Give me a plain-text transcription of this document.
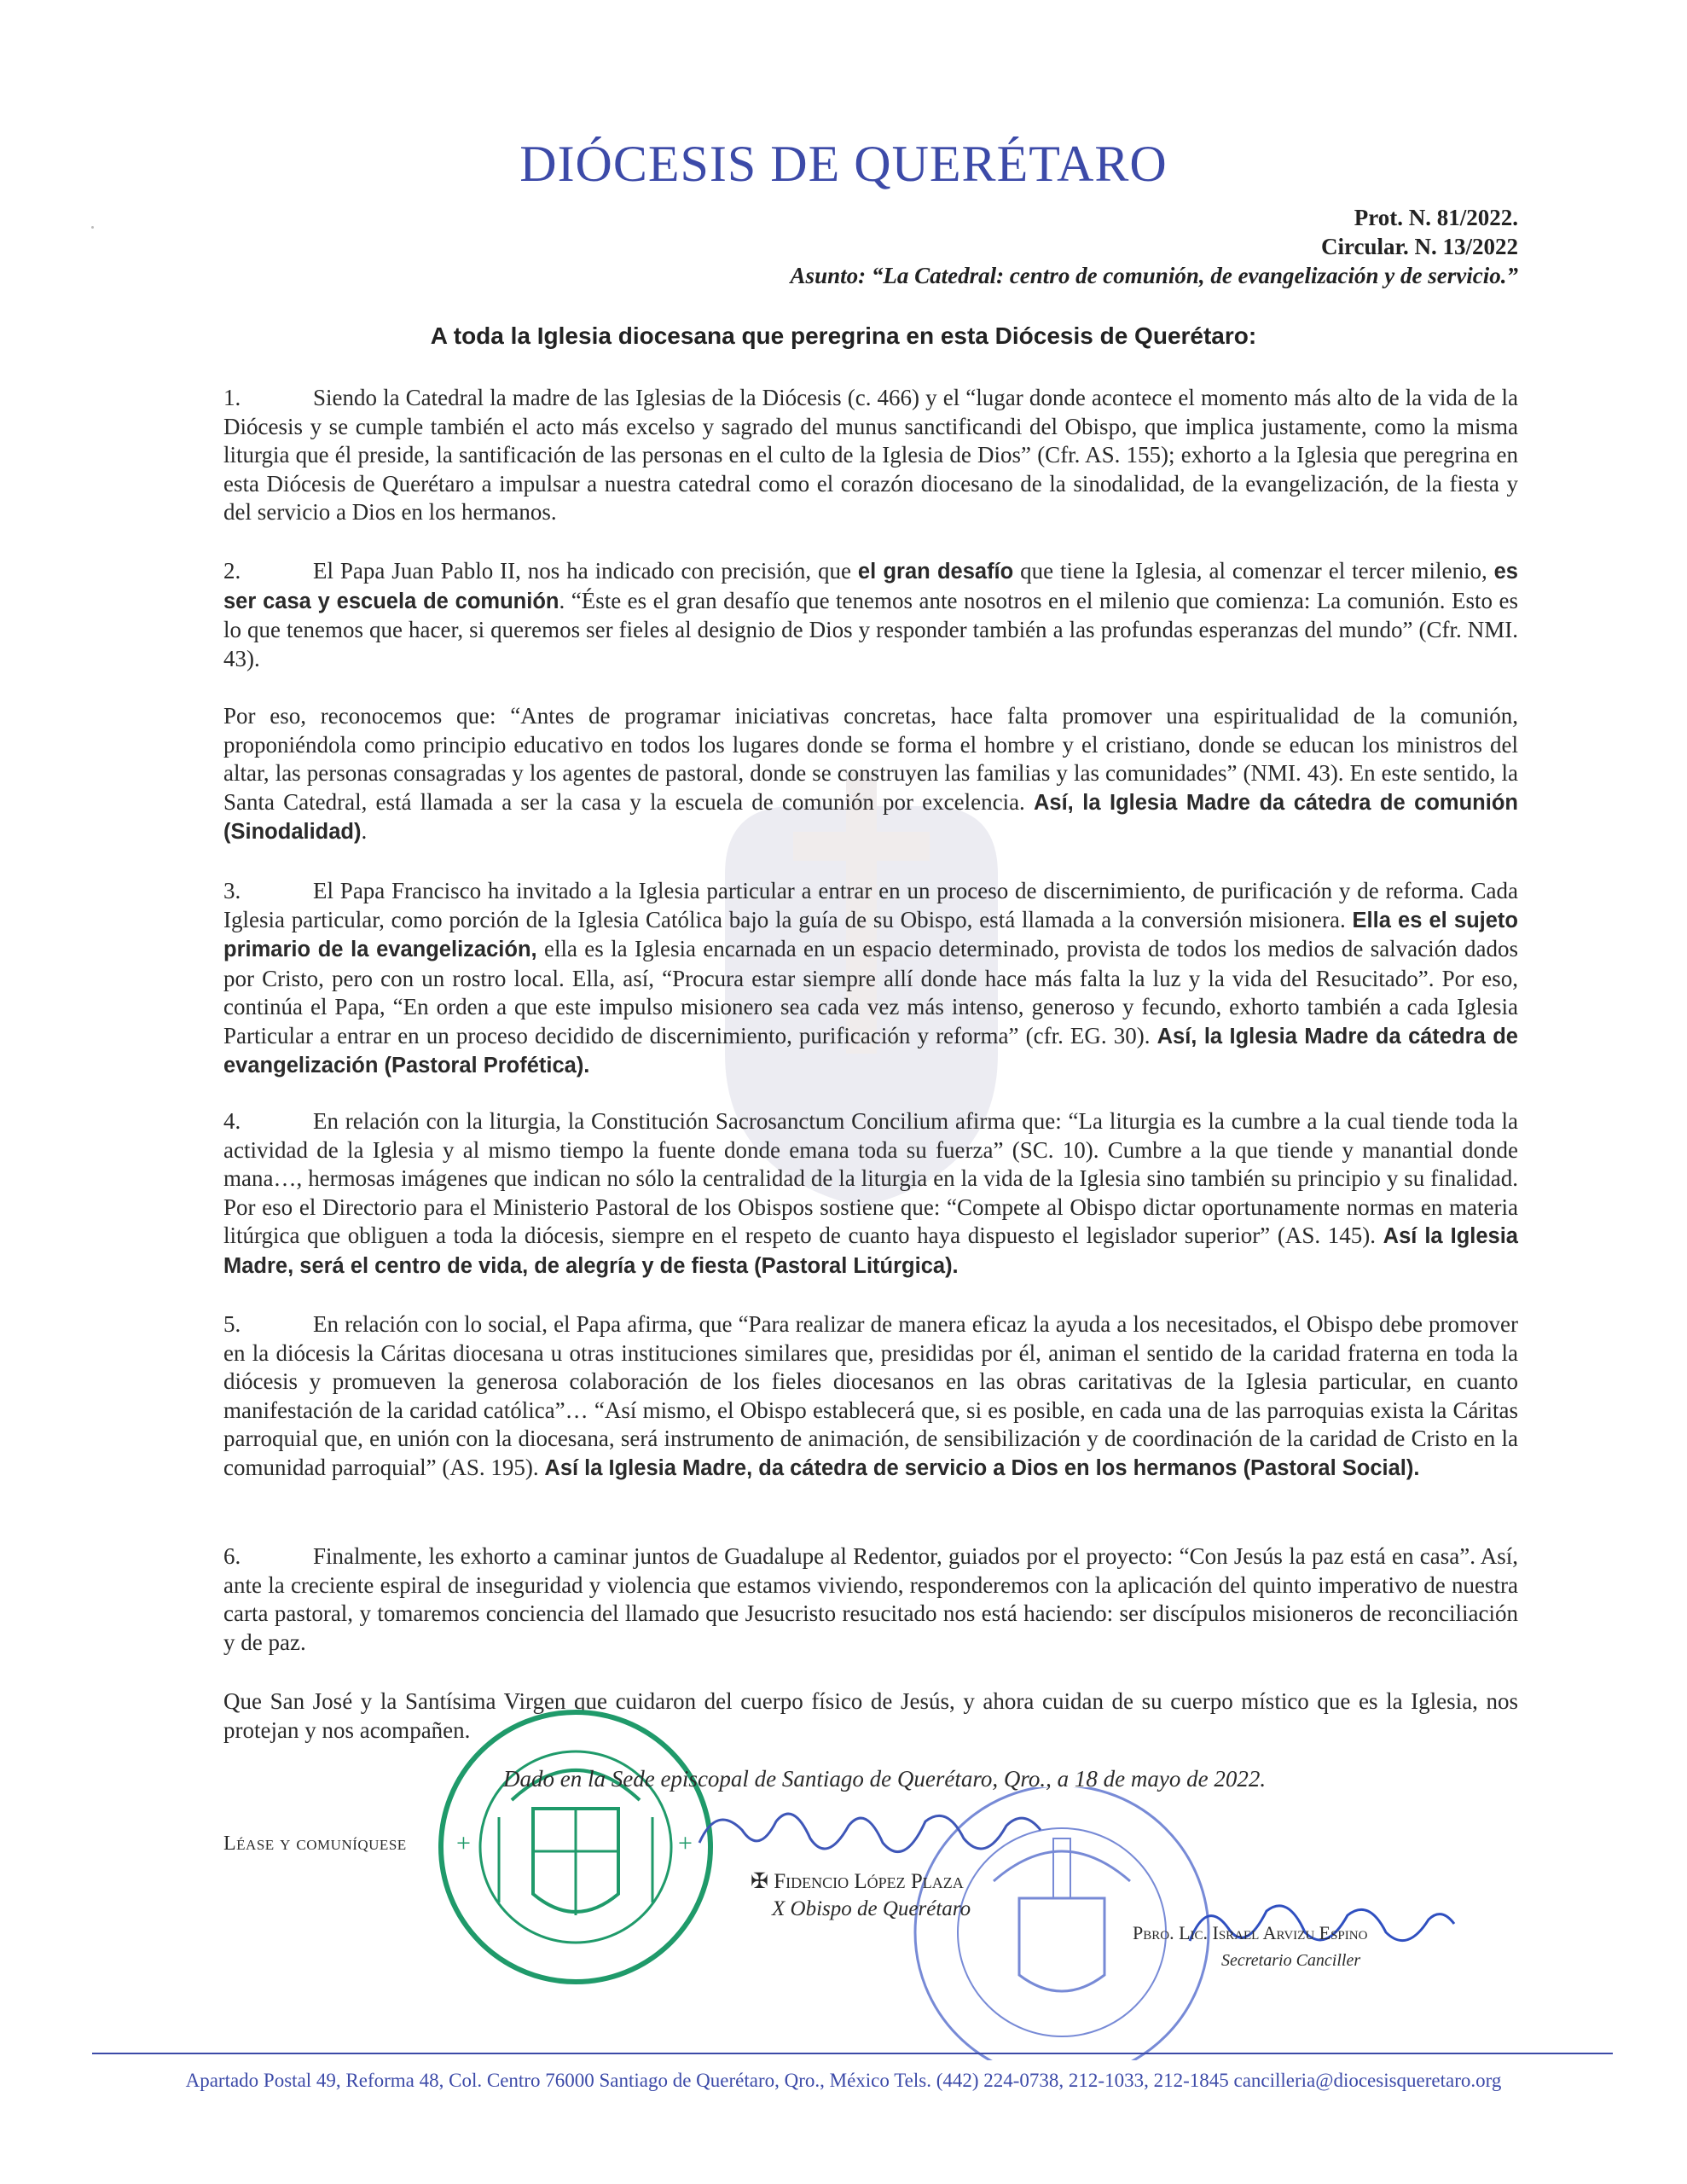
DIÓCESIS DE QUERÉTARO
Prot. N. 81/2022.
Circular. N. 13/2022
Asunto: “La Catedral: centro de comunión, de evangelización y de servicio.”
A toda la Iglesia diocesana que peregrina en esta Diócesis de Querétaro:
1.	Siendo la Catedral la madre de las Iglesias de la Diócesis (c. 466) y el “lugar donde acontece el momento más alto de la vida de la Diócesis y se cumple también el acto más excelso y sagrado del munus sanctificandi del Obispo, que implica justamente, como la misma liturgia que él preside, la santificación de las personas en el culto de la Iglesia de Dios” (Cfr. AS. 155); exhorto a la Iglesia que peregrina en esta Diócesis de Querétaro a impulsar a nuestra catedral como el corazón diocesano de la sinodalidad, de la evangelización, de la fiesta y del servicio a Dios en los hermanos.
2.	El Papa Juan Pablo II, nos ha indicado con precisión, que el gran desafío que tiene la Iglesia, al comenzar el tercer milenio, es ser casa y escuela de comunión. “Éste es el gran desafío que tenemos ante nosotros en el milenio que comienza: La comunión. Esto es lo que tenemos que hacer, si queremos ser fieles al designio de Dios y responder también a las profundas esperanzas del mundo” (Cfr. NMI. 43).
Por eso, reconocemos que: “Antes de programar iniciativas concretas, hace falta promover una espiritualidad de la comunión, proponiéndola como principio educativo en todos los lugares donde se forma el hombre y el cristiano, donde se educan los ministros del altar, las personas consagradas y los agentes de pastoral, donde se construyen las familias y las comunidades” (NMI. 43). En este sentido, la Santa Catedral, está llamada a ser la casa y la escuela de comunión por excelencia. Así, la Iglesia Madre da cátedra de comunión (Sinodalidad).
3.	El Papa Francisco ha invitado a la Iglesia particular a entrar en un proceso de discernimiento, de purificación y de reforma. Cada Iglesia particular, como porción de la Iglesia Católica bajo la guía de su Obispo, está llamada a la conversión misionera. Ella es el sujeto primario de la evangelización, ella es la Iglesia encarnada en un espacio determinado, provista de todos los medios de salvación dados por Cristo, pero con un rostro local. Ella, así, “Procura estar siempre allí donde hace más falta la luz y la vida del Resucitado”. Por eso, continúa el Papa, “En orden a que este impulso misionero sea cada vez más intenso, generoso y fecundo, exhorto también a cada Iglesia Particular a entrar en un proceso decidido de discernimiento, purificación y reforma” (cfr. EG. 30). Así, la Iglesia Madre da cátedra de evangelización (Pastoral Profética).
4.	En relación con la liturgia, la Constitución Sacrosanctum Concilium afirma que: “La liturgia es la cumbre a la cual tiende toda la actividad de la Iglesia y al mismo tiempo la fuente donde emana toda su fuerza” (SC. 10). Cumbre a la que tiende y manantial donde mana…, hermosas imágenes que indican no sólo la centralidad de la liturgia en la vida de la Iglesia sino también su principio y su finalidad. Por eso el Directorio para el Ministerio Pastoral de los Obispos sostiene que: “Compete al Obispo dictar oportunamente normas en materia litúrgica que obliguen a toda la diócesis, siempre en el respeto de cuanto haya dispuesto el legislador superior” (AS. 145). Así la Iglesia Madre, será el centro de vida, de alegría y de fiesta (Pastoral Litúrgica).
5.	En relación con lo social, el Papa afirma, que “Para realizar de manera eficaz la ayuda a los necesitados, el Obispo debe promover en la diócesis la Cáritas diocesana u otras instituciones similares que, presididas por él, animan el sentido de la caridad fraterna en toda la diócesis y promueven la generosa colaboración de los fieles diocesanos en las obras caritativas de la Iglesia particular, en cuanto manifestación de la caridad católica”… “Así mismo, el Obispo establecerá que, si es posible, en cada una de las parroquias exista la Cáritas parroquial que, en unión con la diocesana, será instrumento de animación, de sensibilización y de coordinación de la caridad de Cristo en la comunidad parroquial” (AS. 195). Así la Iglesia Madre, da cátedra de servicio a Dios en los hermanos (Pastoral Social).
6.	Finalmente, les exhorto a caminar juntos de Guadalupe al Redentor, guiados por el proyecto: “Con Jesús la paz está en casa”. Así, ante la creciente espiral de inseguridad y violencia que estamos viviendo, responderemos con la aplicación del quinto imperativo de nuestra carta pastoral, y tomaremos conciencia del llamado que Jesucristo resucitado nos está haciendo: ser discípulos misioneros de reconciliación y de paz.
Que San José y la Santísima Virgen que cuidaron del cuerpo físico de Jesús, y ahora cuidan de su cuerpo místico que es la Iglesia, nos protejan y nos acompañen.
+	+
Dado en la Sede episcopal de Santiago de Querétaro, Qro., a 18 de mayo de 2022.
Léase y comuníquese
✠ Fidencio López Plaza
X Obispo de Querétaro
Pbro. Lic. Israel Arvizu Espino
Secretario Canciller
Apartado Postal 49, Reforma 48, Col. Centro 76000 Santiago de Querétaro, Qro., México Tels. (442) 224-0738, 212-1033, 212-1845 cancilleria@diocesisqueretaro.org
